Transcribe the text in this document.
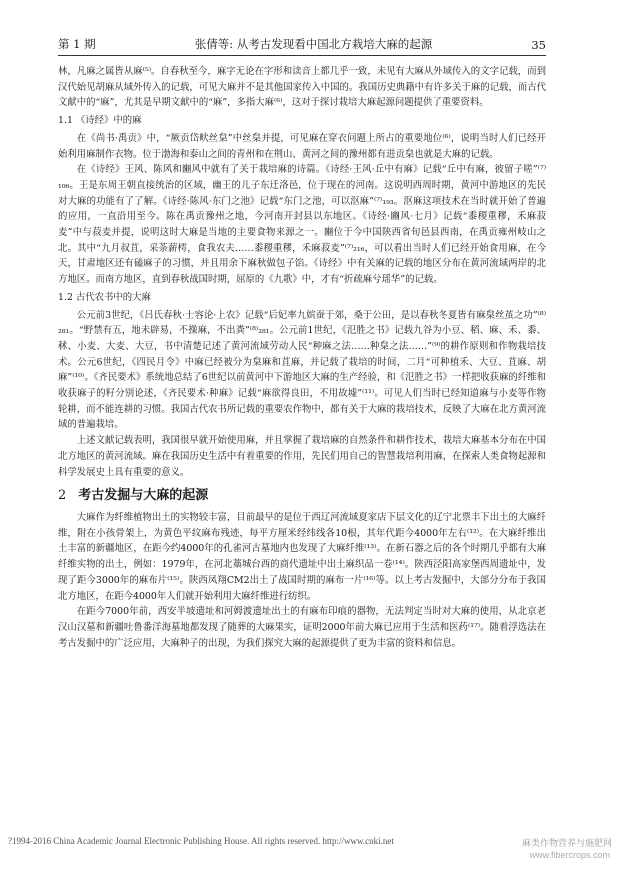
第 1 期	张倩等: 从考古发现看中国北方栽培大麻的起源	35

林，凡麻之属皆从麻⁽⁵⁾。自春秋至今，麻字无论在字形和读音上都几乎一致，未见有大麻从外域传入的文字记载，而到汉代始见胡麻从域外传入的记载，可见大麻并不是其他国家传入中国的。我国历史典籍中有许多关于麻的记载，而古代文献中的“麻”，尤其是早期文献中的“麻”，多指大麻⁽⁶⁾，这对于探讨栽培大麻起源问题提供了重要资料。

1.1 《诗经》中的麻

在《尚书·禹贡》中，“厥贡岱畎丝枲”中丝枲并提，可见麻在穿衣问题上所占的重要地位⁽⁶⁾，说明当时人们已经开始利用麻制作衣物。位于渤海和泰山之间的青州和在荆山、黄河之间的豫州都有进贡枲也就是大麻的记载。

在《诗经》王风、陈风和豳风中就有了关于栽培麻的诗篇。《诗经·王风·丘中有麻》记载“丘中有麻，彼留子嗟”⁽⁷⁾₁₀₆。王是东周王朝直接统治的区域，幽王的儿子东迁洛邑，位于现在的河南。这说明西周时期，黄河中游地区的先民对大麻的功能有了了解。《诗经·陈风·东门之池》记载“东门之池，可以沤麻”⁽⁷⁾₁₉₃。沤麻这项技术在当时就开始了普遍的应用，一直沿用至今。陈在禹贡豫州之地，今河南开封县以东地区。《诗经·豳风·七月》记载“黍稷重穋，禾麻菽麦”中与菽麦并提，说明这时大麻是当地的主要食物来源之一。豳位于今中国陕西省旬邑县西南，在禹贡雍州岐山之北。其中“九月叔苴，采荼薪樗，食我农夫……黍稷重穋，禾麻菽麦”⁽⁷⁾₂₁₆，可以看出当时人们已经开始食用麻，在今天，甘肃地区还有磕麻子的习惯，并且用余下麻秋做包子馅。《诗经》中有关麻的记载的地区分布在黄河流域两岸的北方地区。而南方地区，直到春秋战国时期，屈原的《九歌》中，才有“折疏麻兮瑶华”的记载。

1.2 古代农书中的大麻

公元前3世纪，《吕氏春秋·士容论·上农》记载“后妃率九嫔蚕于郊，桑于公田，是以春秋冬夏皆有麻枲丝茧之功”⁽⁸⁾₂₈₁。“野禁有五，地未辟易，不操麻，不出粪”⁽⁸⁾₂₈₁。公元前1世纪，《氾胜之书》记载九谷为小豆、稻、麻、禾、黍、秫、小麦、大麦、大豆，书中清楚记述了黄河流域劳动人民“种麻之法……种枲之法……”⁽⁹⁾的耕作原则和作物栽培技术。公元6世纪，《四民月令》中麻已经被分为枲麻和苴麻，并记载了栽培的时间，二月“可种植禾、大豆、苴麻、胡麻”⁽¹⁰⁾。《齐民要术》系统地总结了6世纪以前黄河中下游地区大麻的生产经验，和《氾胜之书》一样把收获麻的纤维和收获麻子的籽分别论述，《齐民要术·种麻》记载“麻欲得良田，不用故墟”⁽¹¹⁾。可见人们当时已经知道麻与小麦等作物轮耕，而不能连耕的习惯。我国古代农书所记载的重要农作物中，都有关于大麻的栽培技术，反映了大麻在北方黄河流域的普遍栽培。

上述文献记载表明，我国很早就开始使用麻，并且掌握了栽培麻的自然条件和耕作技术，栽培大麻基本分布在中国北方地区的黄河流域。麻在我国历史生活中有着重要的作用，先民们用自己的智慧栽培利用麻，在探索人类食物起源和科学发展史上具有重要的意义。

2 考古发掘与大麻的起源

大麻作为纤维植物出土的实物较丰富，目前最早的是位于西辽河流域夏家店下层文化的辽宁北票丰下出土的大麻纤维，附在小孩骨架上，为黄色平纹麻布残迹，每平方厘米经纬线各10根，其年代距今4000年左右⁽¹²⁾。在大麻纤维出土丰富的新疆地区，在距今约4000年的孔雀河古墓地内也发现了大麻纤维⁽¹³⁾。在新石器之后的各个时期几乎都有大麻纤维实物的出土，例如：1979年，在河北藁城台西的商代遗址中出土麻织品一卷⁽¹⁴⁾。陕西泾阳高家堡西周遗址中，发现了距今3000年的麻布片⁽¹⁵⁾。陕西凤翔CM2出土了战国时期的麻布一片⁽¹⁶⁾等。以上考古发掘中，大部分分布于我国北方地区，在距今4000年人们就开始利用大麻纤维进行纺织。

在距今7000年前，西安半坡遗址和河姆渡遗址出土的有麻布印痕的器物，无法判定当时对大麻的使用，从北京老汉山汉墓和新疆吐鲁番洋海墓地都发现了随葬的大麻果实，证明2000年前大麻已应用于生活和医药⁽¹⁷⁾。随着浮选法在考古发掘中的广泛应用，大麻种子的出现，为我们探究大麻的起源提供了更为丰富的资料和信息。

?1994-2016 China Academic Journal Electronic Publishing House. All rights reserved. http://www.cnki.net	麻类作物营养与施肥网
www.fibercrops.com
